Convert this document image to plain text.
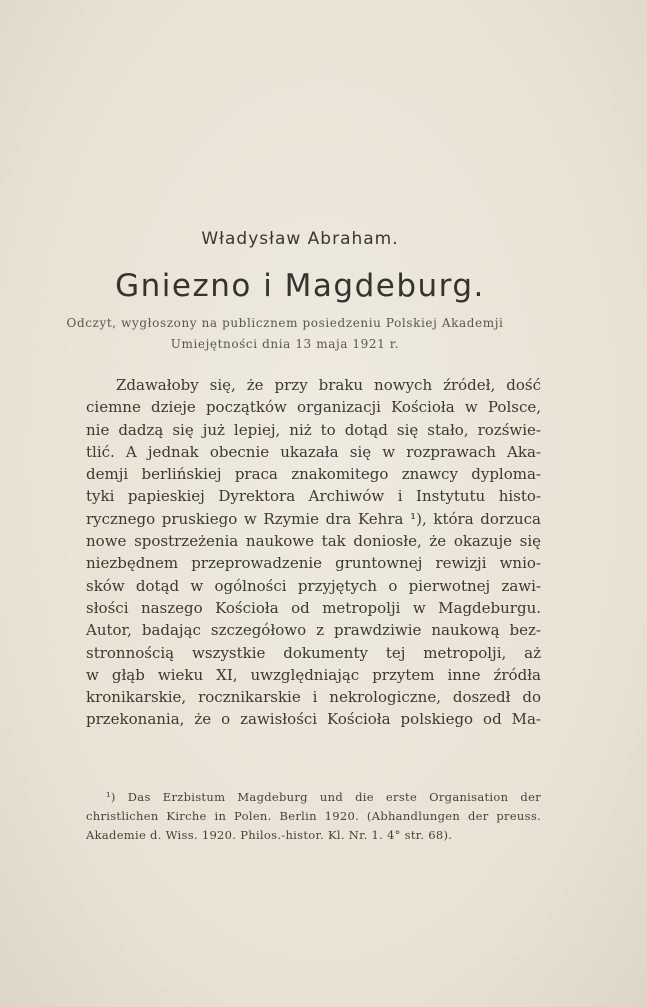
Władysław Abraham.
Gniezno i Magdeburg.
Odczyt, wygłoszony na publicznem posiedzeniu Polskiej Akademji
Umiejętności dnia 13 maja 1921 r.
Zdawałoby się, że przy braku nowych źródeł, dość
ciemne dzieje początków organizacji Kościoła w Polsce,
nie dadzą się już lepiej, niż to dotąd się stało, rozświe-
tlić. A jednak obecnie ukazała się w rozprawach Aka-
demji berlińskiej praca znakomitego znawcy dyploma-
tyki papieskiej Dyrektora Archiwów i Instytutu histo-
rycznego pruskiego w Rzymie dra Kehra ¹), która dorzuca
nowe spostrzeżenia naukowe tak doniosłe, że okazuje się
niezbędnem przeprowadzenie gruntownej rewizji wnio-
sków dotąd w ogólności przyjętych o pierwotnej zawi-
słości naszego Kościoła od metropolji w Magdeburgu.
Autor, badając szczegółowo z prawdziwie naukową bez-
stronnością wszystkie dokumenty tej metropolji, aż
w głąb wieku XI, uwzględniając przytem inne źródła
kronikarskie, rocznikarskie i nekrologiczne, doszedł do
przekonania, że o zawisłości Kościoła polskiego od Ma-
¹) Das Erzbistum Magdeburg und die erste Organisation der
christlichen Kirche in Polen. Berlin 1920. (Abhandlungen der preuss.
Akademie d. Wiss. 1920. Philos.-histor. Kl. Nr. 1. 4° str. 68).
